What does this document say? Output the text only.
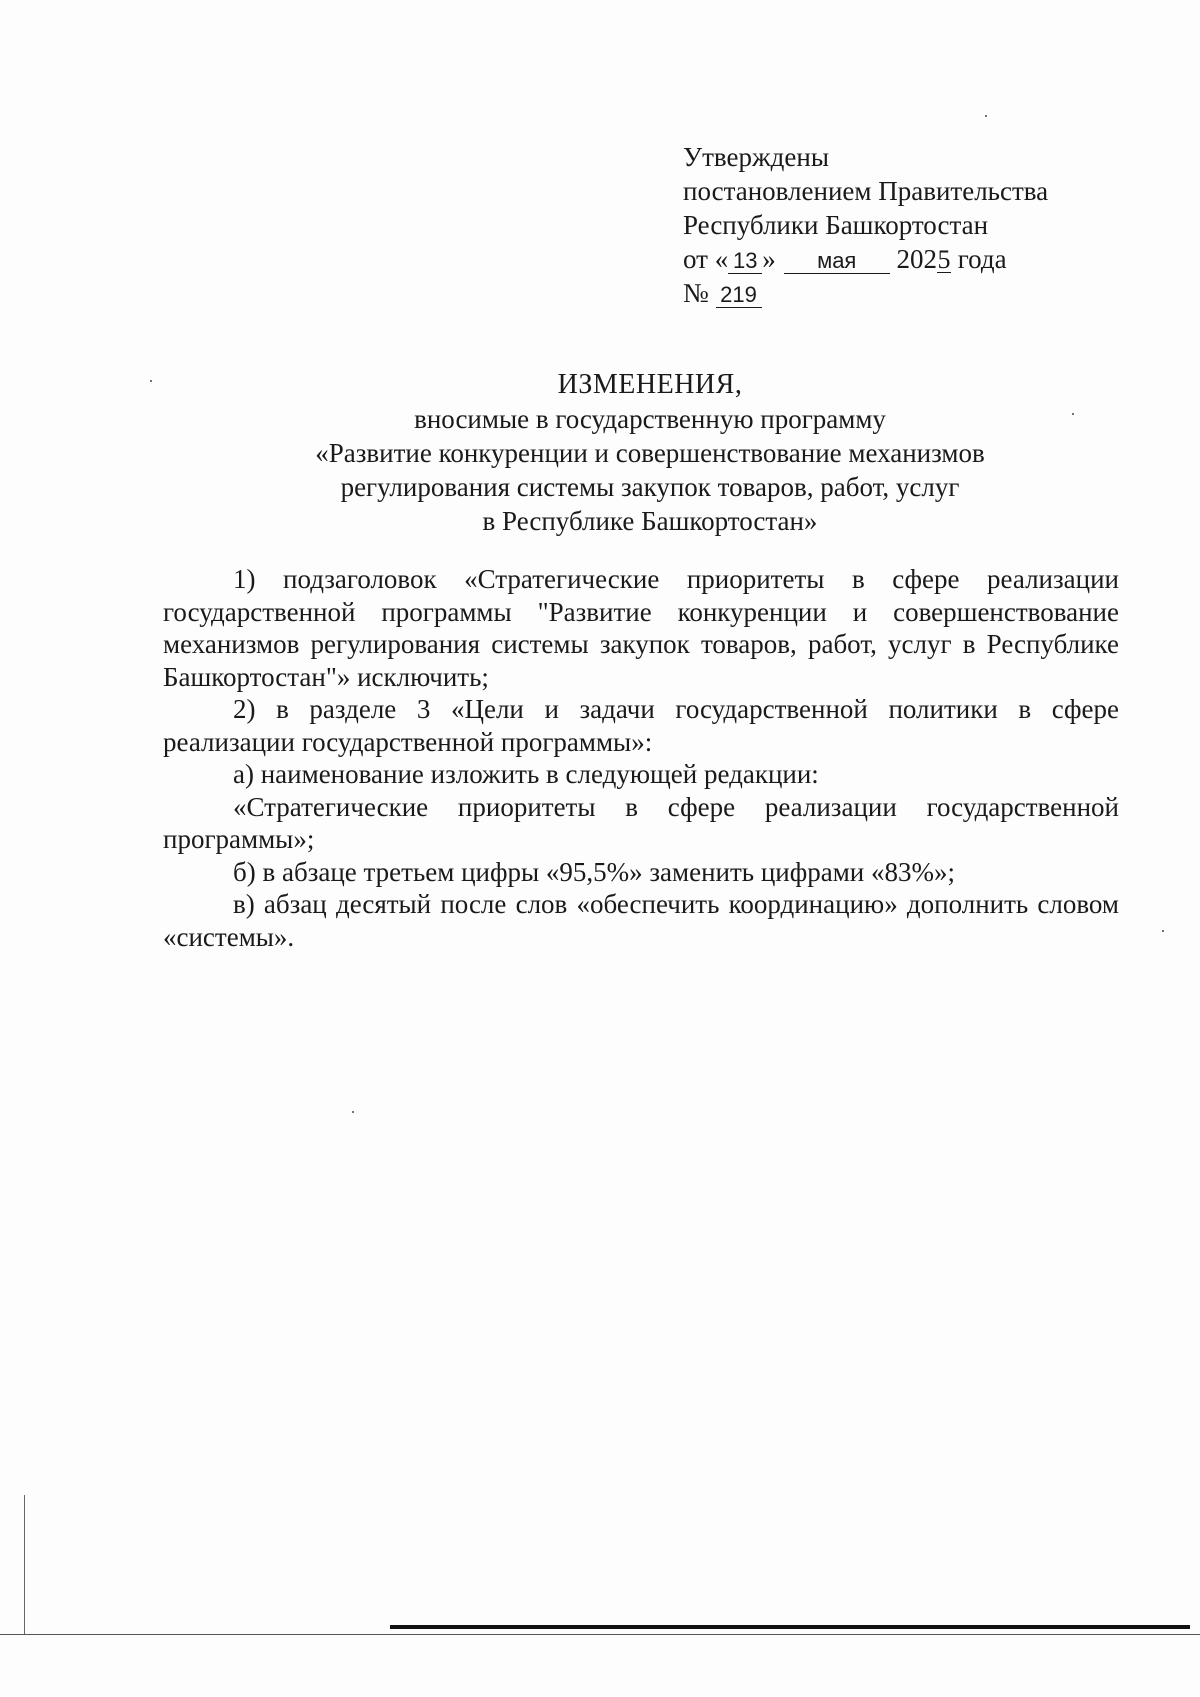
Утверждены
постановлением Правительства
Республики Башкортостан
от « 13 » мая 2025 года
№ 219
ИЗМЕНЕНИЯ,
вносимые в государственную программу
«Развитие конкуренции и совершенствование механизмов
регулирования системы закупок товаров, работ, услуг
в Республике Башкортостан»

1) подзаголовок «Стратегические приоритеты в сфере реализации государственной программы "Развитие конкуренции и совершенствование механизмов регулирования системы закупок товаров, работ, услуг в Республике Башкортостан"» исключить;

2) в разделе 3 «Цели и задачи государственной политики в сфере реализации государственной программы»:

а) наименование изложить в следующей редакции:

«Стратегические приоритеты в сфере реализации государственной программы»;

б) в абзаце третьем цифры «95,5%» заменить цифрами «83%»;

в) абзац десятый после слов «обеспечить координацию» дополнить словом «системы».
